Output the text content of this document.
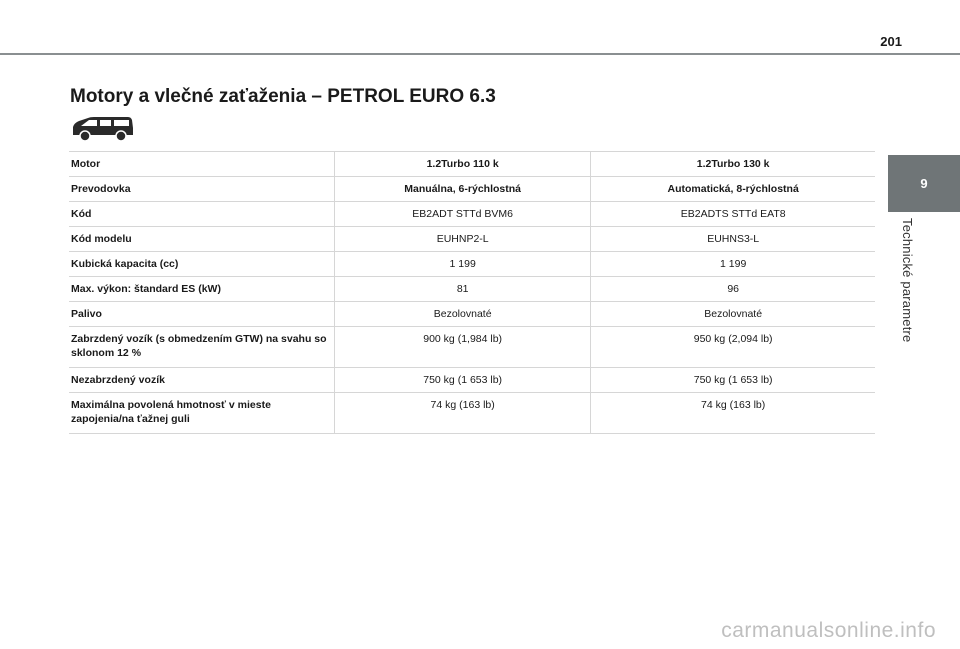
201
Motory a vlečné zaťaženia – PETROL EURO 6.3
9
Technické parametre
Motor	1.2Turbo 110 k	1.2Turbo 130 k
Prevodovka	Manuálna, 6-rýchlostná	Automatická, 8-rýchlostná
Kód	EB2ADT STTd BVM6	EB2ADTS STTd EAT8
Kód modelu	EUHNP2-L	EUHNS3-L
Kubická kapacita (cc)	1 199	1 199
Max. výkon: štandard ES (kW)	81	96
Palivo	Bezolovnaté	Bezolovnaté
Zabrzdený vozík (s obmedzením GTW) na svahu so sklonom 12 %	900 kg (1,984 lb)	950 kg (2,094 lb)
Nezabrzdený vozík	750 kg (1 653 lb)	750 kg (1 653 lb)
Maximálna povolená hmotnosť v mieste zapojenia/na ťažnej guli	74 kg (163 lb)	74 kg (163 lb)
carmanualsonline.info
